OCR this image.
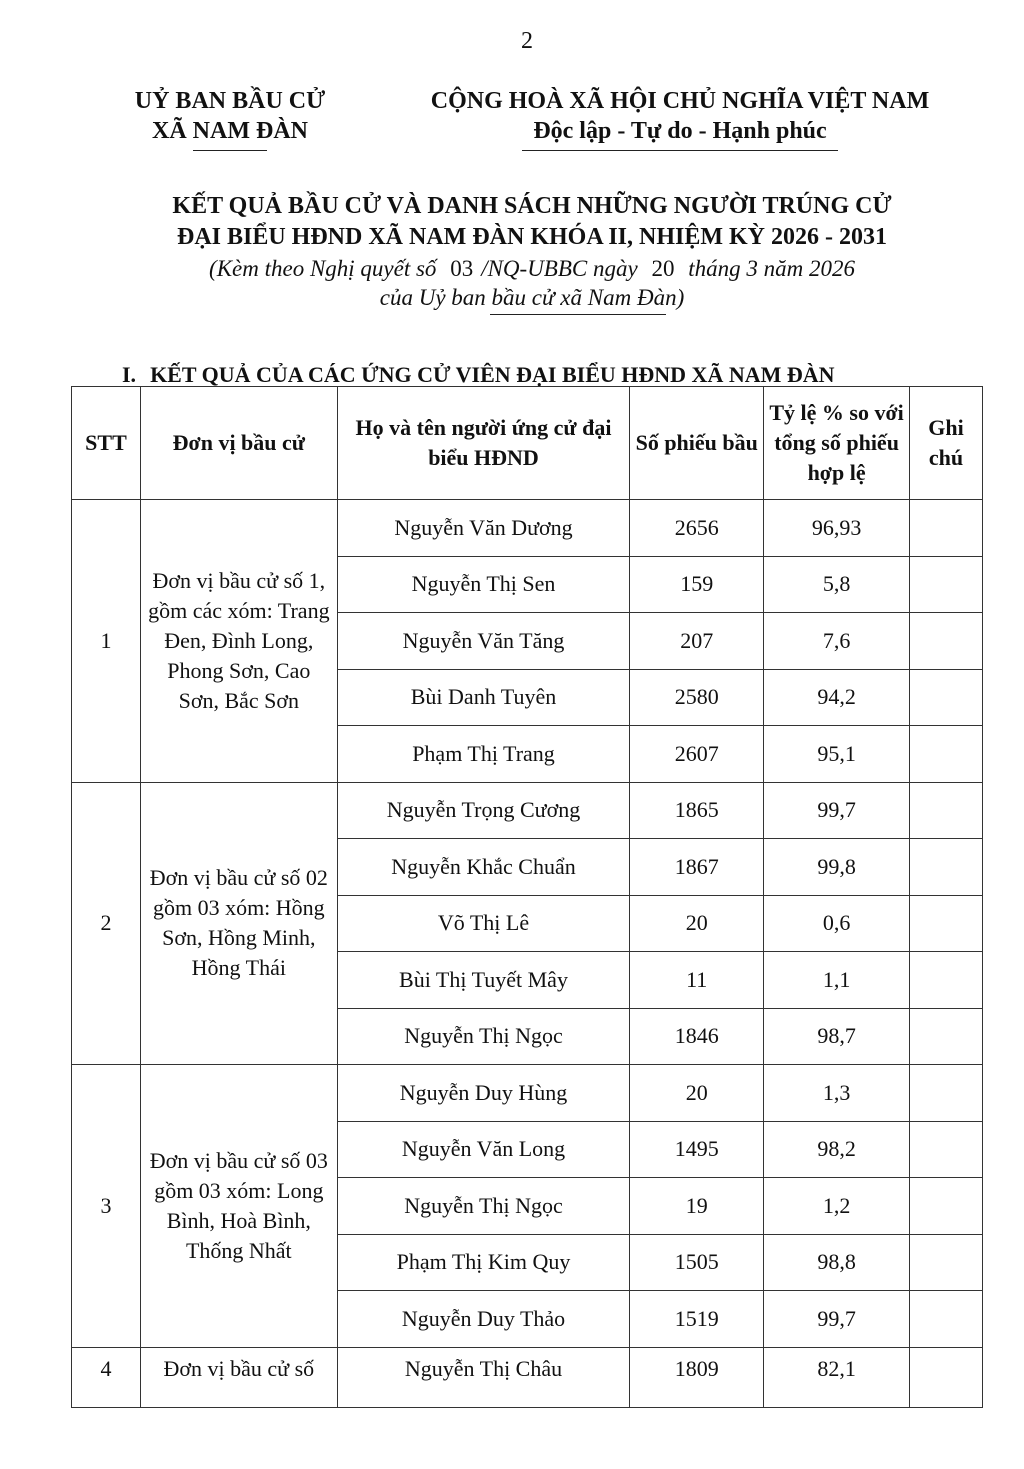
2
UỶ BAN BẦU CỬ
XÃ NAM ĐÀN
CỘNG HOÀ XÃ HỘI CHỦ NGHĨA VIỆT NAM
Độc lập - Tự do - Hạnh phúc
KẾT QUẢ BẦU CỬ VÀ DANH SÁCH NHỮNG NGƯỜI TRÚNG CỬ
ĐẠI BIỂU HĐND XÃ NAM ĐÀN KHÓA II, NHIỆM KỲ 2026 - 2031
(Kèm theo Nghị quyết số 03 /NQ-UBBC ngày 20 tháng 3 năm 2026
của Uỷ ban bầu cử xã Nam Đàn)
I. KẾT QUẢ CỦA CÁC ỨNG CỬ VIÊN ĐẠI BIỂU HĐND XÃ NAM ĐÀN
STT	Đơn vị bầu cử	Họ và tên người ứng cử đại biểu HĐND	Số phiếu bầu	Tỷ lệ % so với tổng số phiếu hợp lệ	Ghi chú
1	Đơn vị bầu cử số 1, gồm các xóm: Trang Đen, Đình Long, Phong Sơn, Cao Sơn, Bắc Sơn	Nguyễn Văn Dương	2656	96,93	
		Nguyễn Thị Sen	159	5,8	
		Nguyễn Văn Tăng	207	7,6	
		Bùi Danh Tuyên	2580	94,2	
		Phạm Thị Trang	2607	95,1	
2	Đơn vị bầu cử số 02 gồm 03 xóm: Hồng Sơn, Hồng Minh, Hồng Thái	Nguyễn Trọng Cương	1865	99,7	
		Nguyễn Khắc Chuẩn	1867	99,8	
		Võ Thị Lê	20	0,6	
		Bùi Thị Tuyết Mây	11	1,1	
		Nguyễn Thị Ngọc	1846	98,7	
3	Đơn vị bầu cử số 03 gồm 03 xóm: Long Bình, Hoà Bình, Thống Nhất	Nguyễn Duy Hùng	20	1,3	
		Nguyễn Văn Long	1495	98,2	
		Nguyễn Thị Ngọc	19	1,2	
		Phạm Thị Kim Quy	1505	98,8	
		Nguyễn Duy Thảo	1519	99,7	
4	Đơn vị bầu cử số	Nguyễn Thị Châu	1809	82,1	
